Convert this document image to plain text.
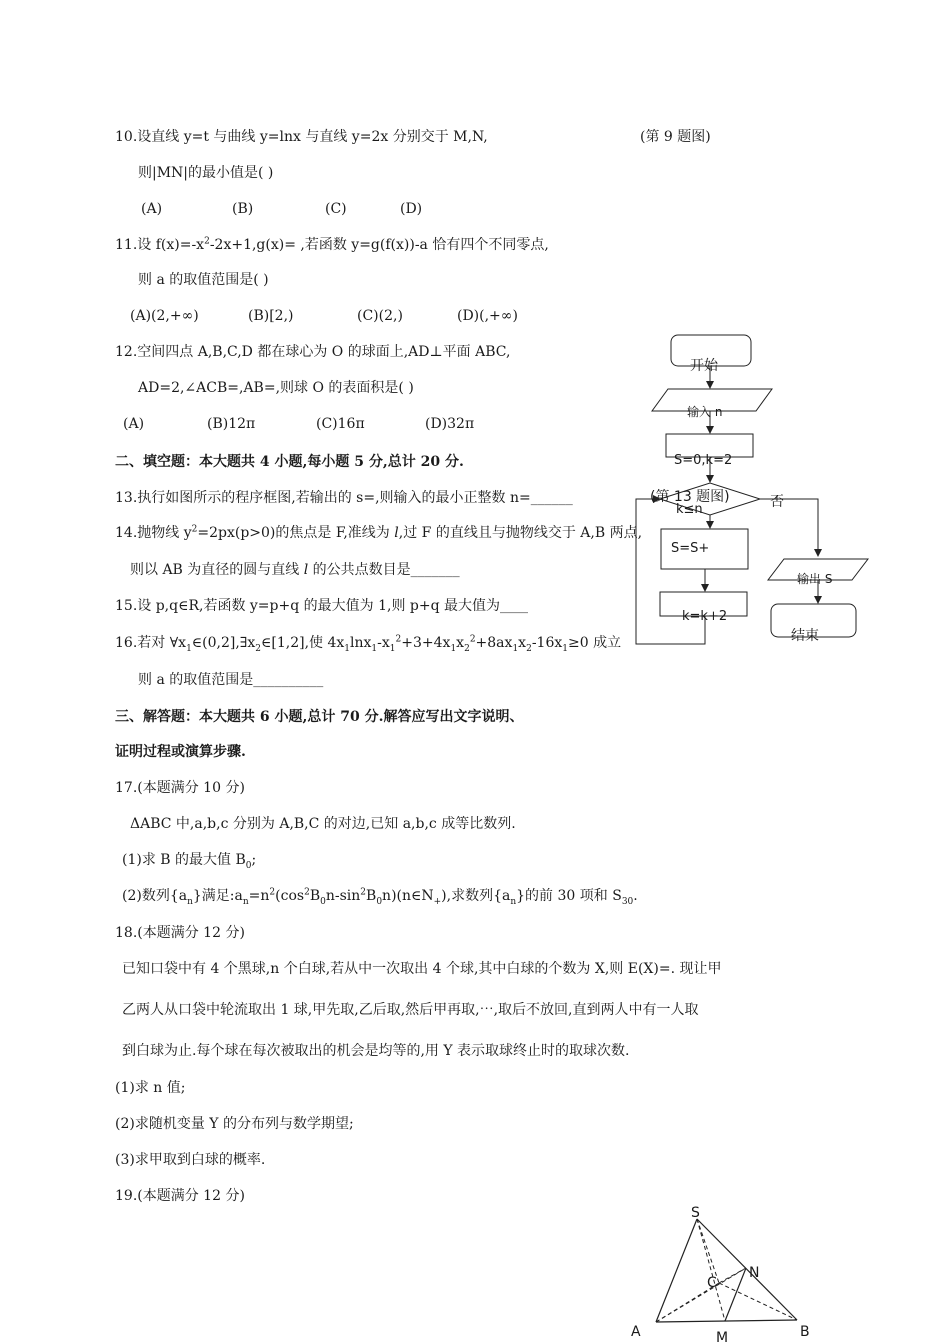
10.设直线 y=t 与曲线 y=lnx 与直线 y=2x 分别交于 M,N,	(第 9 题图)
则|MN|的最小值是( )
(A)	(B)	(C)	(D)
11.设 $f(x)=-x^2-2x+1,g(x)=$ ,若函数 y=g(f(x))-a 恰有四个不同零点,
则 a 的取值范围是( )
(A)(2,+∞)	(B)[2,)	(C)(2,)	(D)(,+∞)
12.空间四点 A,B,C,D 都在球心为 O 的球面上,AD⊥平面 ABC,
AD=2,∠ACB=,AB=,则球 O 的表面积是( )
(A)	(B)12π	(C)16π	(D)32π
二、填空题：本大题共 4 小题,每小题 5 分,总计 20 分.
13.执行如图所示的程序框图,若输出的 s=,则输入的最小正整数 n=______
14.抛物线 $y^2=2px(p>0)$的焦点是 F,准线为 l,过 F 的直线且与抛物线交于 A,B 两点,
则以 AB 为直径的圆与直线 l 的公共点数目是_______
15.设 p,q∈R,若函数 y=p+q 的最大值为 1,则 p+q 最大值为____
16.若对 $\forall x_1\in(0,2],\exists x_2\in[1,2]$,使 $4x_1\ln x_1-x_1^2+3+4x_1x_2^2+8ax_1x_2-16x_1\ge 0$ 成立
则 a 的取值范围是__________
三、解答题：本大题共 6 小题,总计 70 分.解答应写出文字说明、
证明过程或演算步骤.
17.(本题满分 10 分)
ΔABC 中,a,b,c 分别为 A,B,C 的对边,已知 a,b,c 成等比数列.
(1)求 B 的最大值 $B_0$;
(2)数列$\{a_n\}$满足$:a_n=n^2(\cos^2B_0n-\sin^2B_0n)(n\in N_+)$,求数列$\{a_n\}$的前 30 项和 $S_{30}$.
18.(本题满分 12 分)
已知口袋中有 4 个黑球,n 个白球,若从中一次取出 4 个球,其中白球的个数为 X,则 E(X)=. 现让甲
乙两人从口袋中轮流取出 1 球,甲先取,乙后取,然后甲再取,⋯,取后不放回,直到两人中有一人取
到白球为止.每个球在每次被取出的机会是均等的,用 Y 表示取球终止时的取球次数.
(1)求 n 值;
(2)求随机变量 Y 的分布列与数学期望;
(3)求甲取到白球的概率.
19.(本题满分 12 分)
开始
输入 n
S=0,k=2
k≤n
(第 13 题图)	否
S=S+
k=k+2
输出 S
结束
S
A	B
C
M
N
